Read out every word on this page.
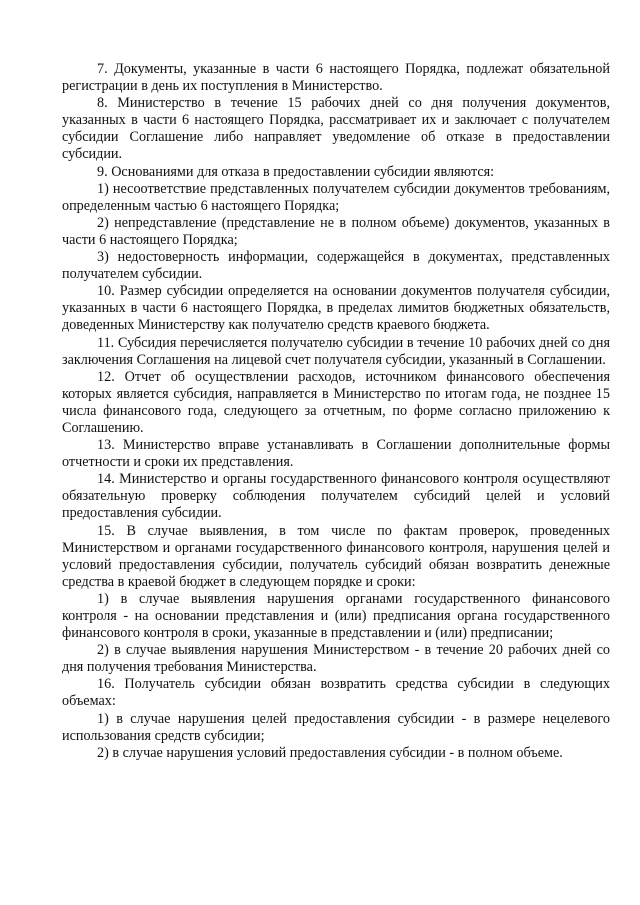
7. Документы, указанные в части 6 настоящего Порядка, подлежат обязательной регистрации в день их поступления в Министерство.

8. Министерство в течение 15 рабочих дней со дня получения документов, указанных в части 6 настоящего Порядка, рассматривает их и заключает с получателем субсидии Соглашение либо направляет уведомление об отказе в предоставлении субсидии.

9. Основаниями для отказа в предоставлении субсидии являются:

1) несоответствие представленных получателем субсидии документов требованиям, определенным частью 6 настоящего Порядка;

2) непредставление (представление не в полном объеме) документов, указанных в части 6 настоящего Порядка;

3) недостоверность информации, содержащейся в документах, представленных получателем субсидии.

10. Размер субсидии определяется на основании документов получателя субсидии, указанных в части 6 настоящего Порядка, в пределах лимитов бюджетных обязательств, доведенных Министерству как получателю средств краевого бюджета.

11. Субсидия перечисляется получателю субсидии в течение 10 рабочих дней со дня заключения Соглашения на лицевой счет получателя субсидии, указанный в Соглашении.

12. Отчет об осуществлении расходов, источником финансового обеспечения которых является субсидия, направляется в Министерство по итогам года, не позднее 15 числа финансового года, следующего за отчетным, по форме согласно приложению к Соглашению.

13. Министерство вправе устанавливать в Соглашении дополнительные формы отчетности и сроки их представления.

14. Министерство и органы государственного финансового контроля осуществляют обязательную проверку соблюдения получателем субсидий целей и условий предоставления субсидии.

15. В случае выявления, в том числе по фактам проверок, проведенных Министерством и органами государственного финансового контроля, нарушения целей и условий предоставления субсидии, получатель субсидий обязан возвратить денежные средства в краевой бюджет в следующем порядке и сроки:

1) в случае выявления нарушения органами государственного финансового контроля - на основании представления и (или) предписания органа государственного финансового контроля в сроки, указанные в представлении и (или) предписании;

2) в случае выявления нарушения Министерством - в течение 20 рабочих дней со дня получения требования Министерства.

16. Получатель субсидии обязан возвратить средства субсидии в следующих объемах:

1) в случае нарушения целей предоставления субсидии - в размере нецелевого использования средств субсидии;

2) в случае нарушения условий предоставления субсидии - в полном объеме.
